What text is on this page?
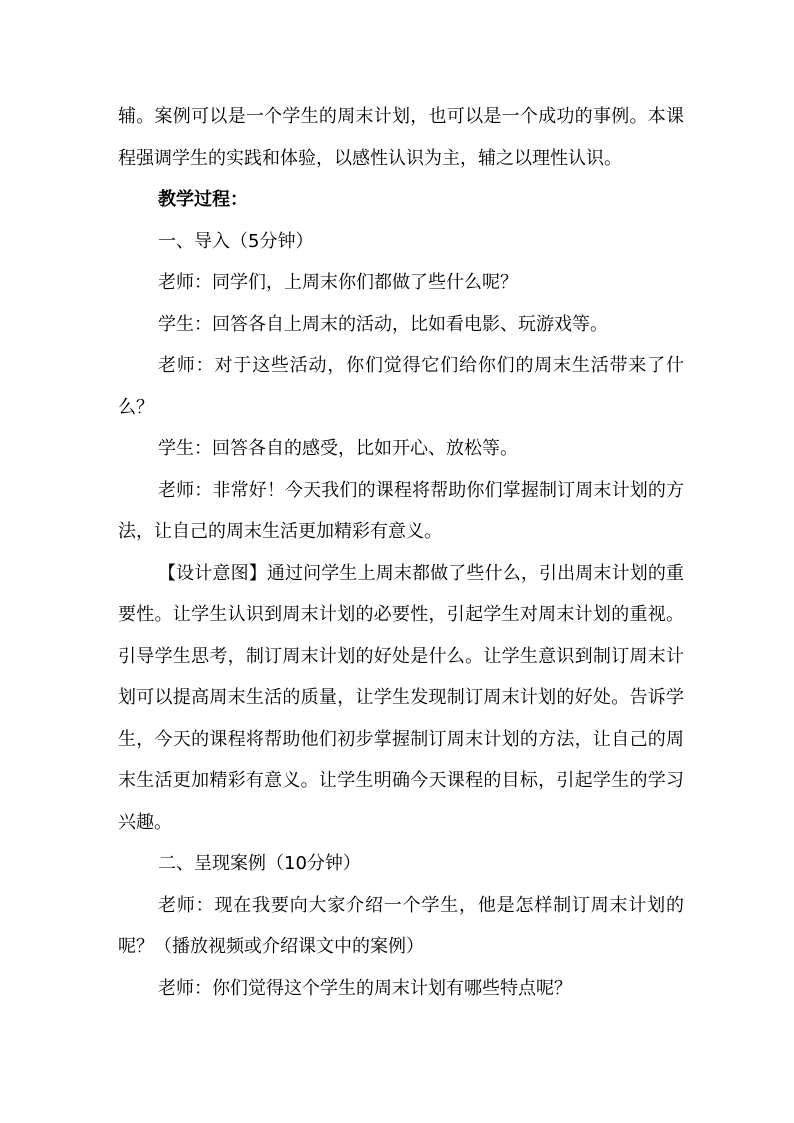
辅。案例可以是一个学生的周末计划，也可以是一个成功的事例。本课程强调学生的实践和体验，以感性认识为主，辅之以理性认识。

教学过程：

一、导入（5分钟）

老师：同学们，上周末你们都做了些什么呢？

学生：回答各自上周末的活动，比如看电影、玩游戏等。

老师：对于这些活动，你们觉得它们给你们的周末生活带来了什么？

学生：回答各自的感受，比如开心、放松等。

老师：非常好！今天我们的课程将帮助你们掌握制订周末计划的方法，让自己的周末生活更加精彩有意义。

【设计意图】通过问学生上周末都做了些什么，引出周末计划的重要性。让学生认识到周末计划的必要性，引起学生对周末计划的重视。引导学生思考，制订周末计划的好处是什么。让学生意识到制订周末计划可以提高周末生活的质量，让学生发现制订周末计划的好处。告诉学生，今天的课程将帮助他们初步掌握制订周末计划的方法，让自己的周末生活更加精彩有意义。让学生明确今天课程的目标，引起学生的学习兴趣。

二、呈现案例（10分钟）

老师：现在我要向大家介绍一个学生，他是怎样制订周末计划的呢？（播放视频或介绍课文中的案例）

老师：你们觉得这个学生的周末计划有哪些特点呢？
